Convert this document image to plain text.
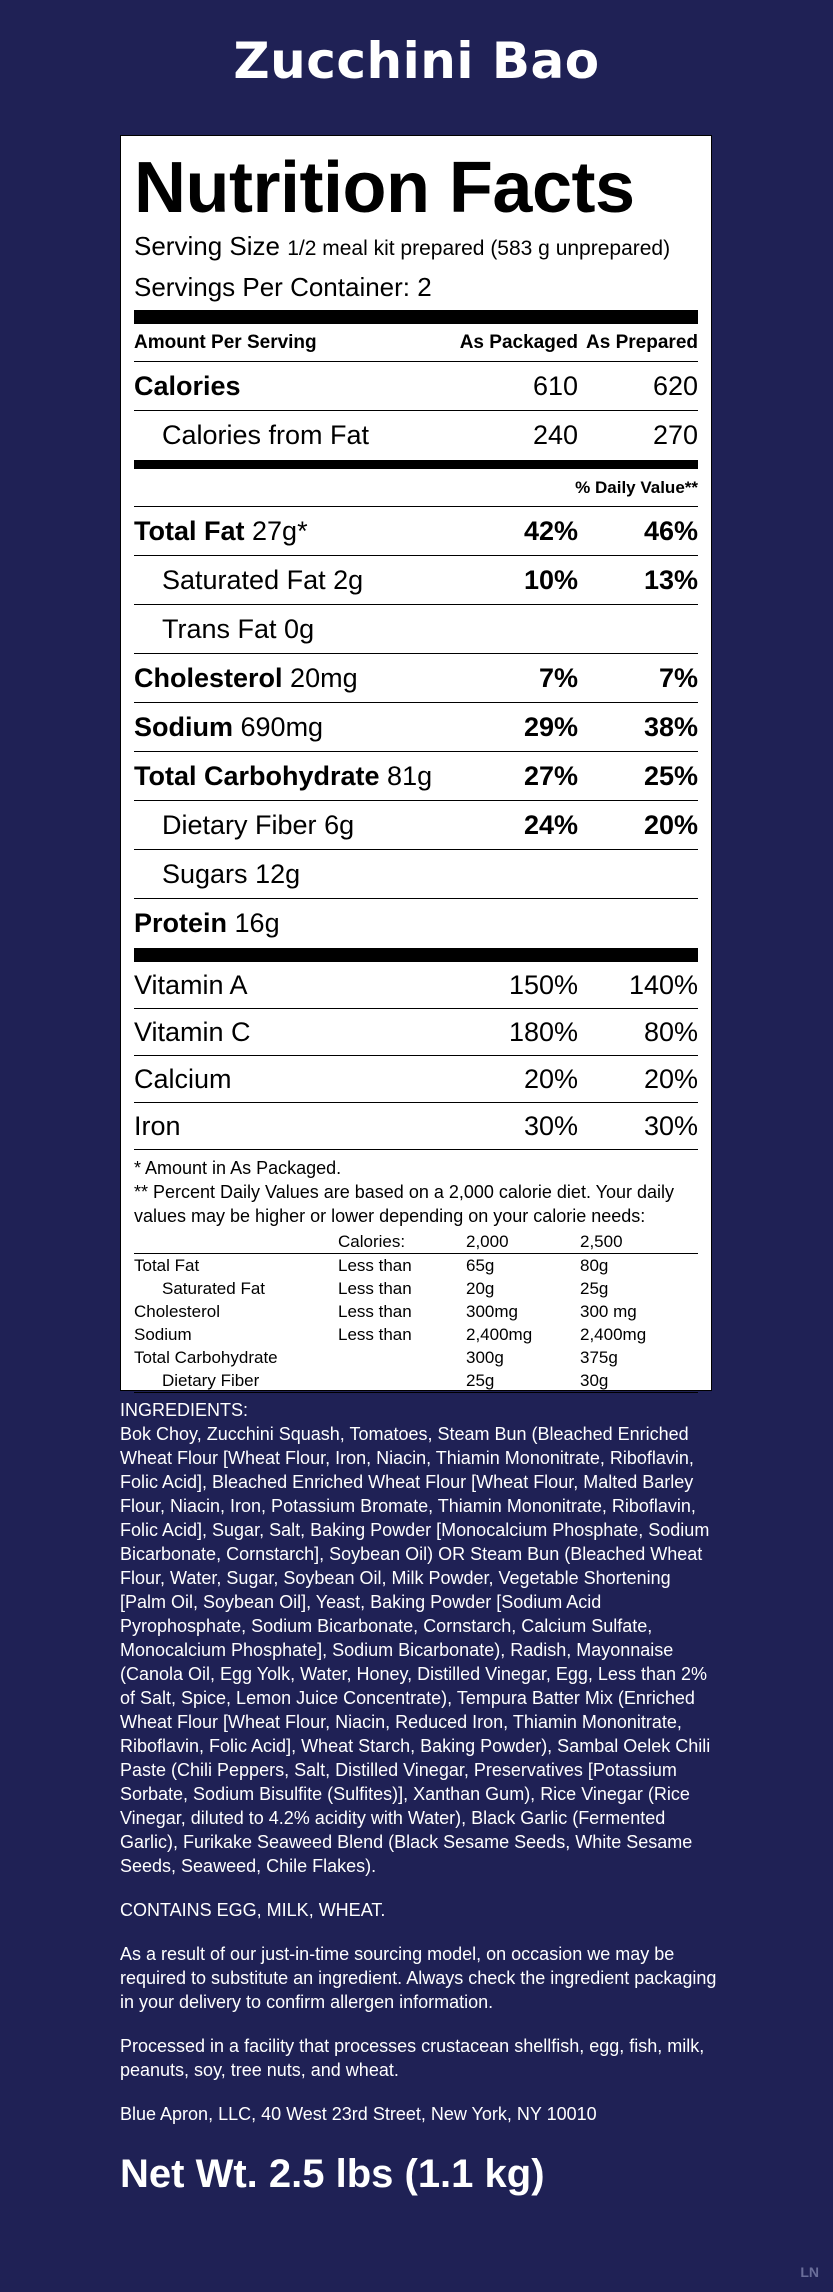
Zucchini Bao
Nutrition Facts
Serving Size 1/2 meal kit prepared (583 g unprepared)
Servings Per Container: 2
Amount Per Serving	As Packaged As Prepared
Calories	610	620
Calories from Fat	240	270
% Daily Value**
Total Fat 27g*	42%	46%
Saturated Fat 2g	10%	13%
Trans Fat 0g
Cholesterol 20mg	7%	7%
Sodium 690mg	29%	38%
Total Carbohydrate 81g	27%	25%
Dietary Fiber 6g	24%	20%
Sugars 12g
Protein 16g
Vitamin A	150%	140%
Vitamin C	180%	80%
Calcium	20%	20%
Iron	30%	30%
* Amount in As Packaged.
** Percent Daily Values are based on a 2,000 calorie diet. Your daily values may be higher or lower depending on your calorie needs:
	Calories:	2,000	2,500
Total Fat	Less than	65g	80g
Saturated Fat	Less than	20g	25g
Cholesterol	Less than	300mg	300 mg
Sodium	Less than	2,400mg	2,400mg
Total Carbohydrate		300g	375g
Dietary Fiber		25g	30g

INGREDIENTS:

Bok Choy, Zucchini Squash, Tomatoes, Steam Bun (Bleached Enriched Wheat Flour [Wheat Flour, Iron, Niacin, Thiamin Mononitrate, Riboflavin, Folic Acid], Bleached Enriched Wheat Flour [Wheat Flour, Malted Barley Flour, Niacin, Iron, Potassium Bromate, Thiamin Mononitrate, Riboflavin, Folic Acid], Sugar, Salt, Baking Powder [Monocalcium Phosphate, Sodium Bicarbonate, Cornstarch], Soybean Oil) OR Steam Bun (Bleached Wheat Flour, Water, Sugar, Soybean Oil, Milk Powder, Vegetable Shortening [Palm Oil, Soybean Oil], Yeast, Baking Powder [Sodium Acid Pyrophosphate, Sodium Bicarbonate, Cornstarch, Calcium Sulfate, Monocalcium Phosphate], Sodium Bicarbonate), Radish, Mayonnaise (Canola Oil, Egg Yolk, Water, Honey, Distilled Vinegar, Egg, Less than 2% of Salt, Spice, Lemon Juice Concentrate), Tempura Batter Mix (Enriched Wheat Flour [Wheat Flour, Niacin, Reduced Iron, Thiamin Mononitrate, Riboflavin, Folic Acid], Wheat Starch, Baking Powder), Sambal Oelek Chili Paste (Chili Peppers, Salt, Distilled Vinegar, Preservatives [Potassium Sorbate, Sodium Bisulfite (Sulfites)], Xanthan Gum), Rice Vinegar (Rice Vinegar, diluted to 4.2% acidity with Water), Black Garlic (Fermented Garlic), Furikake Seaweed Blend (Black Sesame Seeds, White Sesame Seeds, Seaweed, Chile Flakes).

CONTAINS EGG, MILK, WHEAT.

As a result of our just-in-time sourcing model, on occasion we may be required to substitute an ingredient. Always check the ingredient packaging in your delivery to confirm allergen information.

Processed in a facility that processes crustacean shellfish, egg, fish, milk, peanuts, soy, tree nuts, and wheat.

Blue Apron, LLC, 40 West 23rd Street, New York, NY 10010

Net Wt. 2.5 lbs (1.1 kg)
LN
